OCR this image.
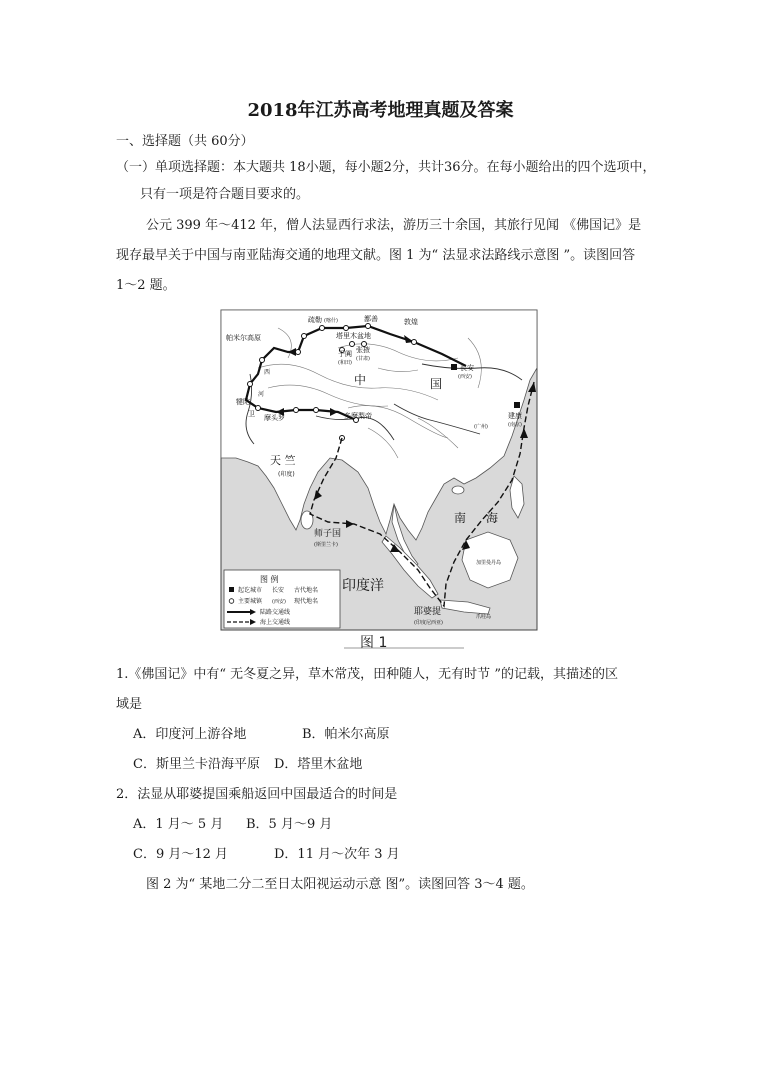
2018年江苏高考地理真题及答案
一、选择题（共 60分）
（一）单项选择题：本大题共 18小题，每小题2分，共计36分。在每小题给出的四个选项中，
只有一项是符合题目要求的。
公元 399 年～412 年，僧人法显西行求法，游历三十余国，其旅行见闻 《佛国记》是
现存最早关于中国与南亚陆海交通的地理文献。图 1 为“ 法显求法路线示意图 ”。读图回答
1～2 题。
帕米尔高原
疏勒 (喀什)	鄯善
塔里木盆地
于阗
(和田)
敦煌
张掖
(甘肃)
长安
(西安)
建康
(南京)
(广州)
中	国
天 竺
(印度)
摩头罗
犍陀
卫	多摩梨帝
师子国
(斯里兰卡)
耶婆提
(印度尼西亚)
印度洋
南 海
加里曼丹岛
爪哇岛
河
西
图 例
起讫城市 长安 古代地名
主要城镇 (西安) 现代地名
陆路交通线
海上交通线
图 1
1.《佛国记》中有“ 无冬夏之异，草木常茂，田种随人，无有时节 ”的记载，其描述的区
域是
A．印度河上游谷地	B．帕米尔高原
C．斯里兰卡沿海平原 D．塔里木盆地
2．法显从耶婆提国乘船返回中国最适合的时间是
A．1 月～ 5 月 B．5 月～9 月
C．9 月～12 月	D．11 月～次年 3 月
图 2 为“ 某地二分二至日太阳视运动示意 图”。读图回答 3～4 题。
